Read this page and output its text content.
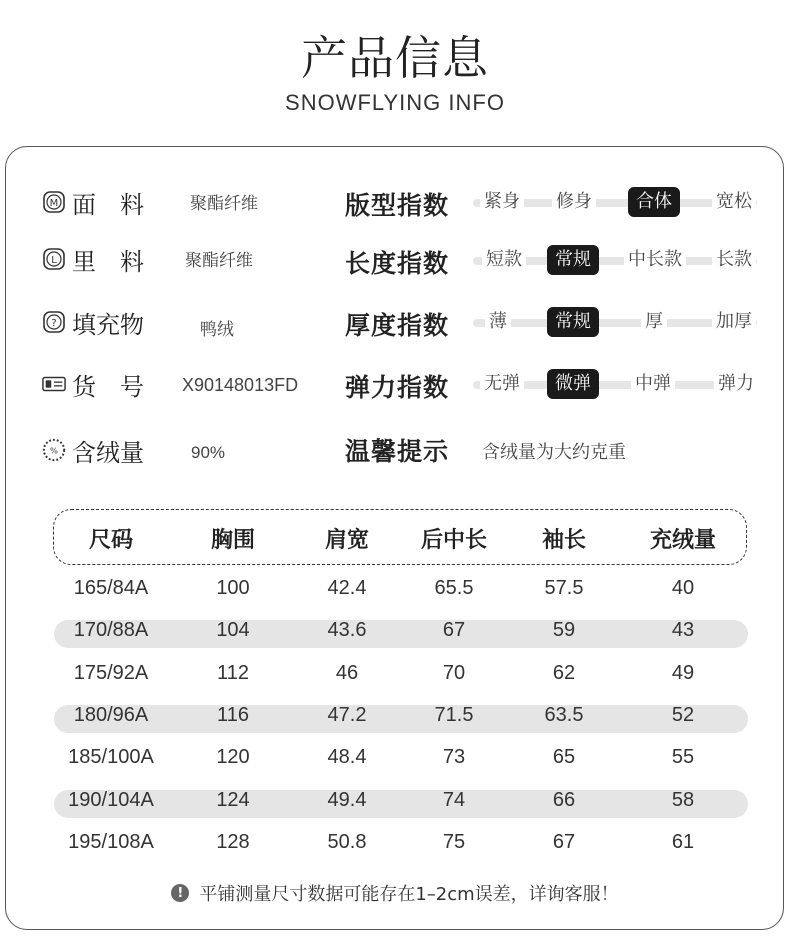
产品信息
SNOWFLYING INFO
M 面　料	聚酯纤维
L 里　料 聚酯纤维
? 填充物	鸭绒
货　号 X90148013FD
% 含绒量	90%
版型指数 紧身 修身	合体	宽松
长度指数 短款	常规	中长款 长款
厚度指数 薄	常规	厚	加厚
弹力指数 无弹	微弹	中弹	弹力
温馨提示 含绒量为大约克重
尺码	胸围	肩宽 后中长 袖长	充绒量
165/84A	100	42.4	65.5	57.5	40
170/88A	104	43.6	67	59	43
175/92A	112	46	70	62	49
180/96A	116	47.2	71.5	63.5	52
185/100A	120	48.4	73	65	55
190/104A	124	49.4	74	66	58
195/108A	128	50.8	75	67	61
! 平铺测量尺寸数据可能存在1–2cm误差，详询客服！
